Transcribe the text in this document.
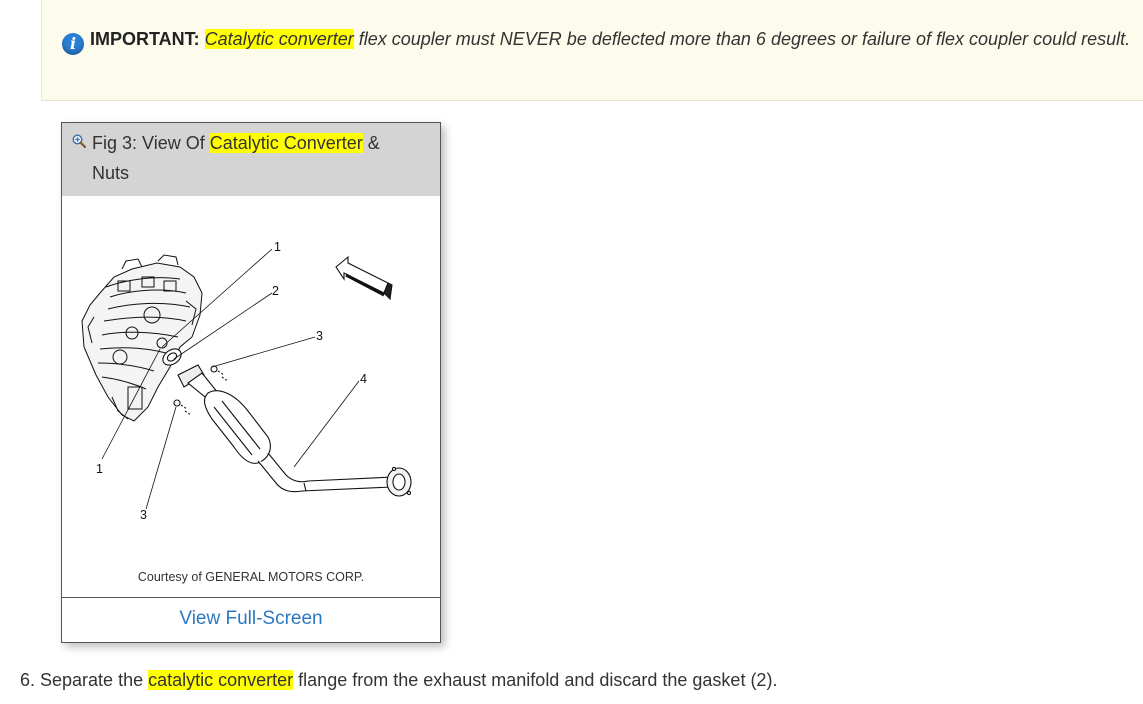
i IMPORTANT: Catalytic converter flex coupler must NEVER be deflected more than 6 degrees or failure of flex coupler could result.
Fig 3: View Of Catalytic Converter & Nuts
1
2
3
4
1
3
Courtesy of GENERAL MOTORS CORP.
View Full-Screen
6. Separate the catalytic converter flange from the exhaust manifold and discard the gasket (2).
